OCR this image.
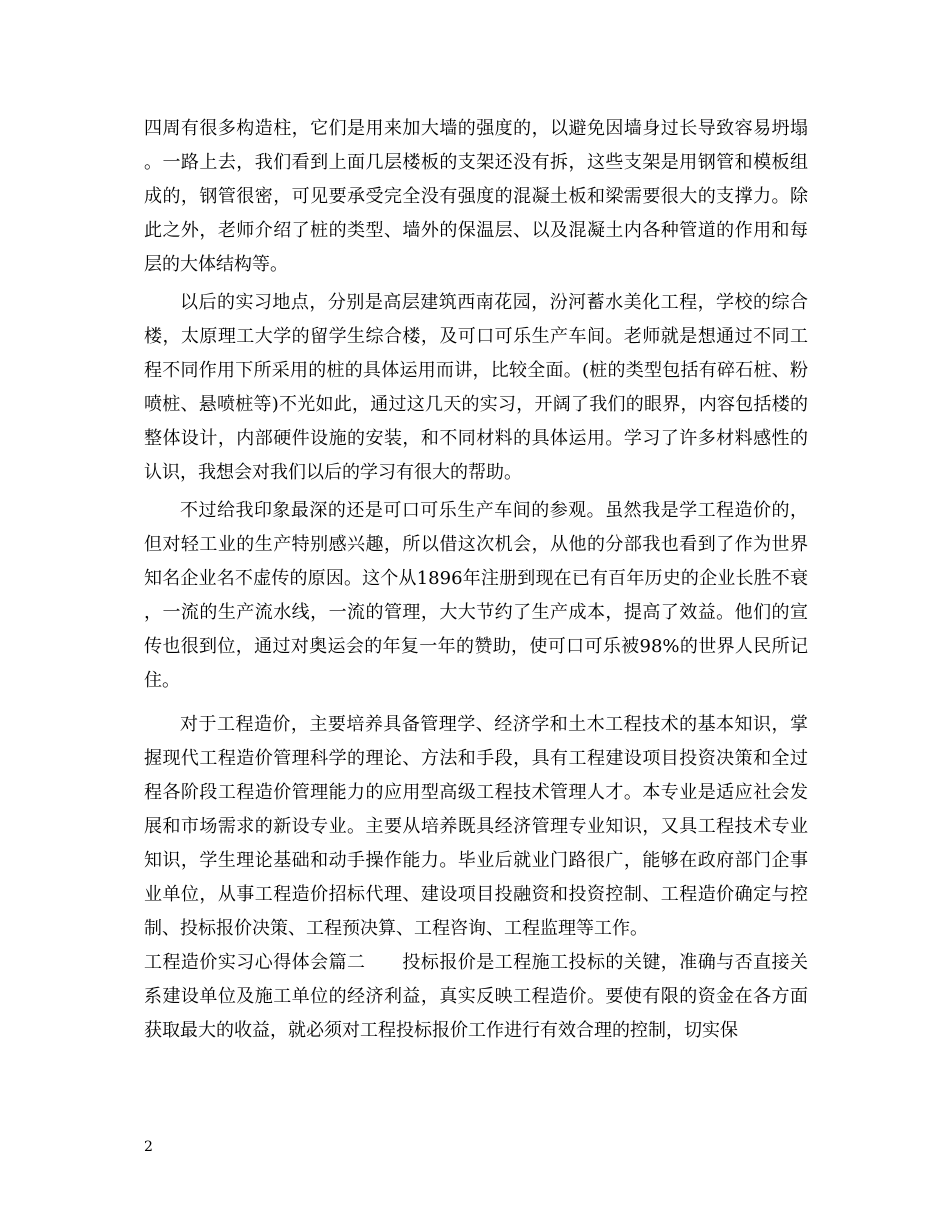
四周有很多构造柱，它们是用来加大墙的强度的，以避免因墙身过长导致容易坍塌。一路上去，我们看到上面几层楼板的支架还没有拆，这些支架是用钢管和模板组成的，钢管很密，可见要承受完全没有强度的混凝土板和梁需要很大的支撑力。除此之外，老师介绍了桩的类型、墙外的保温层、以及混凝土内各种管道的作用和每层的大体结构等。

以后的实习地点，分别是高层建筑西南花园，汾河蓄水美化工程，学校的综合楼，太原理工大学的留学生综合楼，及可口可乐生产车间。老师就是想通过不同工程不同作用下所采用的桩的具体运用而讲，比较全面。(桩的类型包括有碎石桩、粉喷桩、悬喷桩等)不光如此，通过这几天的实习，开阔了我们的眼界，内容包括楼的整体设计，内部硬件设施的安装，和不同材料的具体运用。学习了许多材料感性的认识，我想会对我们以后的学习有很大的帮助。

不过给我印象最深的还是可口可乐生产车间的参观。虽然我是学工程造价的，但对轻工业的生产特别感兴趣，所以借这次机会，从他的分部我也看到了作为世界知名企业名不虚传的原因。这个从1896年注册到现在已有百年历史的企业长胜不衰，一流的生产流水线，一流的管理，大大节约了生产成本，提高了效益。他们的宣传也很到位，通过对奥运会的年复一年的赞助，使可口可乐被98%的世界人民所记住。

对于工程造价，主要培养具备管理学、经济学和土木工程技术的基本知识，掌握现代工程造价管理科学的理论、方法和手段，具有工程建设项目投资决策和全过程各阶段工程造价管理能力的应用型高级工程技术管理人才。本专业是适应社会发展和市场需求的新设专业。主要从培养既具经济管理专业知识，又具工程技术专业知识，学生理论基础和动手操作能力。毕业后就业门路很广，能够在政府部门企事业单位，从事工程造价招标代理、建设项目投融资和投资控制、工程造价确定与控制、投标报价决策、工程预决算、工程咨询、工程监理等工作。

工程造价实习心得体会篇二　　投标报价是工程施工投标的关键，准确与否直接关系建设单位及施工单位的经济利益，真实反映工程造价。要使有限的资金在各方面获取最大的收益，就必须对工程投标报价工作进行有效合理的控制，切实保

2
